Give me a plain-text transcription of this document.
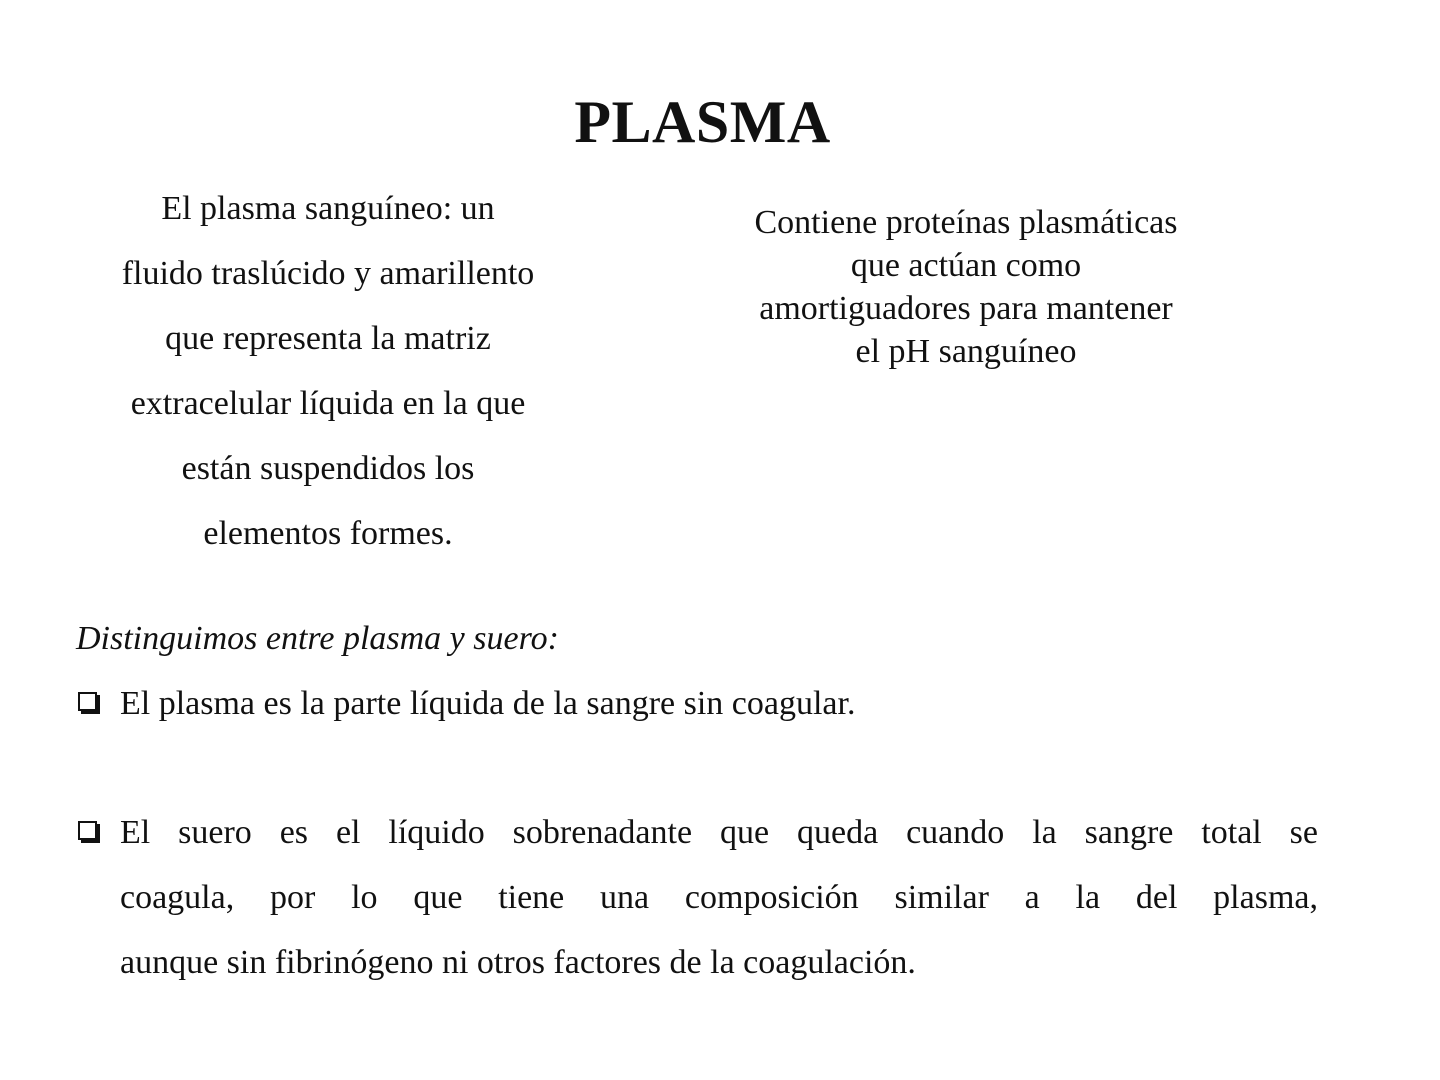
PLASMA
El plasma sanguíneo: un
fluido traslúcido y amarillento
que representa la matriz
extracelular líquida en la que
están suspendidos los
elementos formes.
Contiene proteínas plasmáticas
que actúan como
amortiguadores para mantener
el pH sanguíneo
Distinguimos entre plasma y suero:
El plasma es la parte líquida de la sangre sin coagular.
El suero es el líquido sobrenadante que queda cuando la sangre total se
coagula, por lo que tiene una composición similar a la del plasma,
aunque sin fibrinógeno ni otros factores de la coagulación.
